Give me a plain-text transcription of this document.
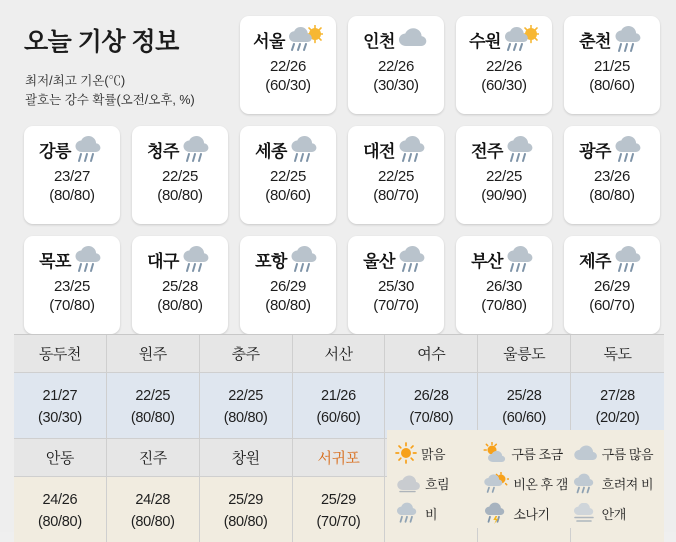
오늘 기상 정보
최저/최고 기온(℃)
괄호는 강수 확률(오전/오후, %)
서울
22/26
(60/30)
인천
22/26
(30/30)
수원
22/26
(60/30)
춘천
21/25
(80/60)
강릉
23/27
(80/80)
청주
22/25
(80/80)
세종
22/25
(80/60)
대전
22/25
(80/70)
전주
22/25
(90/90)
광주
23/26
(80/80)
목포
23/25
(70/80)
대구
25/28
(80/80)
포항
26/29
(80/80)
울산
25/30
(70/70)
부산
26/30
(70/80)
제주
26/29
(60/70)
동두천	원주	충주	서산	여수	울릉도	독도
21/27
(30/30)
22/25
(80/80)
22/25
(80/80)
21/26
(60/60)
26/28
(70/80)
25/28
(60/60)
27/28
(20/20)
안동	진주	창원	서귀포
24/26
(80/80)
24/28
(80/80)
25/29
(80/80)
25/29
(70/70)
맑음	구름 조금	구름 많음
흐림	비온 후 갬	흐려져 비
비	소나기	안개
